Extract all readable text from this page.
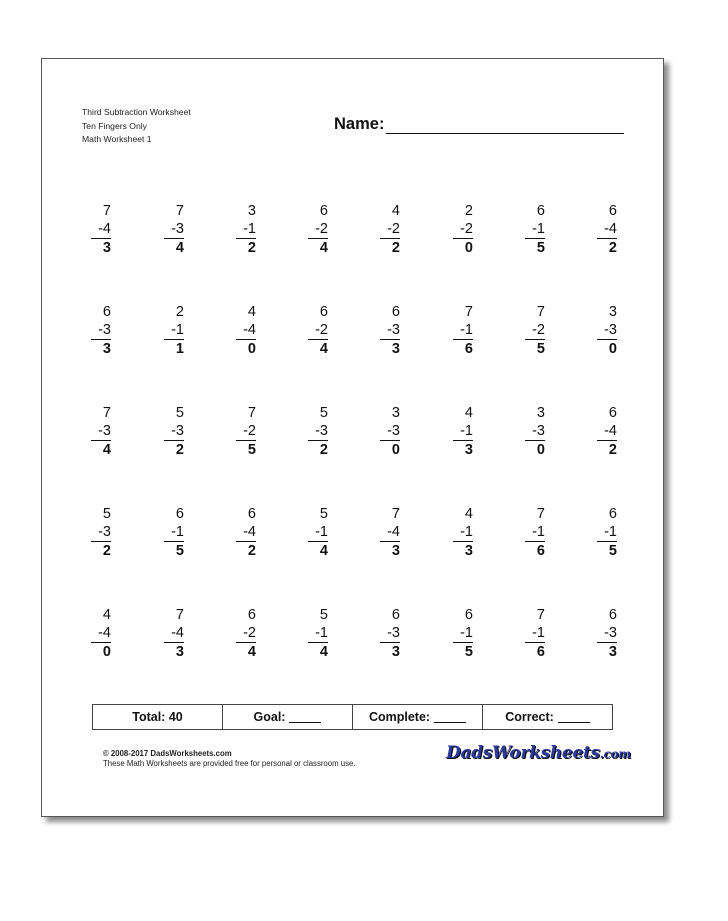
Third Subtraction Worksheet
Ten Fingers Only
Math Worksheet 1
Name:
7
-4
3
7
-3
4
3
-1
2
6
-2
4
4
-2
2
2
-2
0
6
-1
5
6
-4
2
6
-3
3
2
-1
1
4
-4
0
6
-2
4
6
-3
3
7
-1
6
7
-2
5
3
-3
0
7
-3
4
5
-3
2
7
-2
5
5
-3
2
3
-3
0
4
-1
3
3
-3
0
6
-4
2
5
-3
2
6
-1
5
6
-4
2
5
-1
4
7
-4
3
4
-1
3
7
-1
6
6
-1
5
4
-4
0
7
-4
3
6
-2
4
5
-1
4
6
-3
3
6
-1
5
7
-1
6
6
-3
3
Total: 40	Goal:	Complete:	Correct:
© 2008-2017 DadsWorksheets.com
These Math Worksheets are provided free for personal or classroom use.
DadsWorksheets.com
